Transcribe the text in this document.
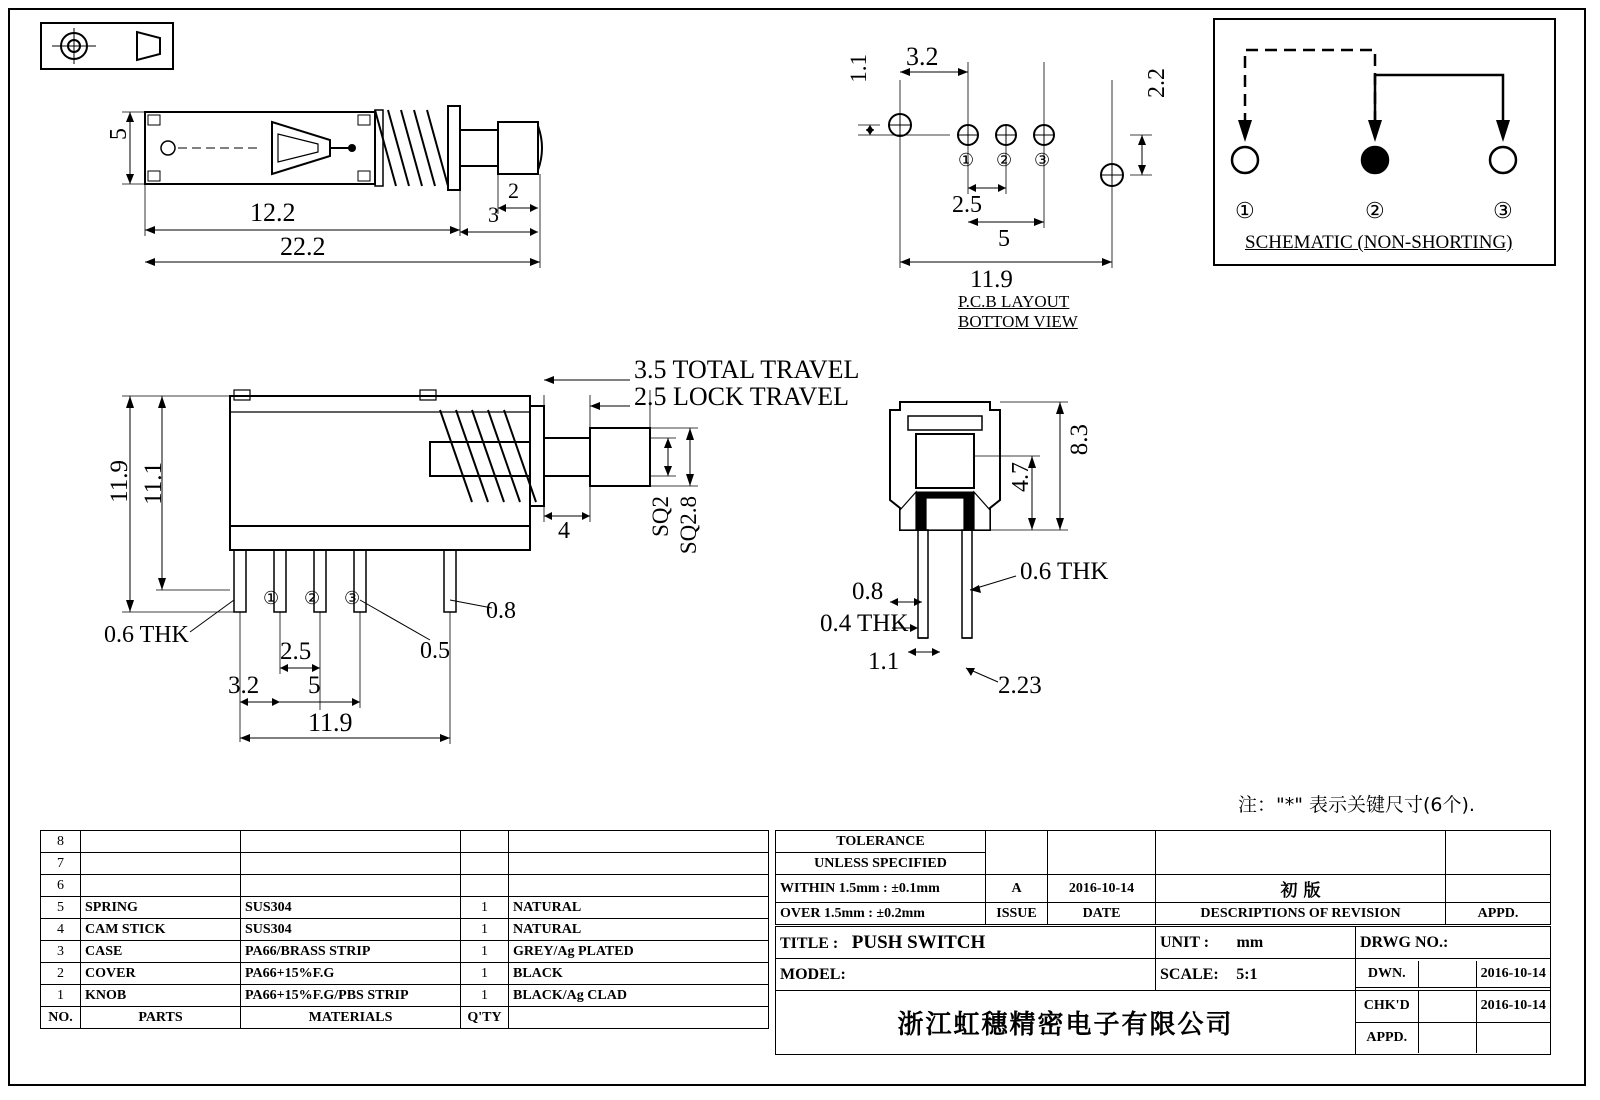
5
12.2
22.2
2
3
1.1 3.2
2.2
① ② ③
2.5
5
11.9
P.C.B LAYOUT
BOTTOM VIEW
①	②	③
SCHEMATIC (NON-SHORTING)
3.5 TOTAL TRAVEL
2.5 LOCK TRAVEL
11.9 11.1
0.6 THK
① ② ③	0.8
0.5
2.5
3.2 5
11.9
4	SQ2 SQ2.8
8.3
4.7
0.6 THK
0.8
0.4 THK
1.1
2.23
注："*" 表示关键尺寸(6个).
8				
7				
6				
5	SPRING	SUS304	1	NATURAL
4	CAM STICK	SUS304	1	NATURAL
3	CASE	PA66/BRASS STRIP	1	GREY/Ag PLATED
2	COVER	PA66+15%F.G	1	BLACK
1	KNOB	PA66+15%F.G/PBS STRIP	1	BLACK/Ag CLAD
NO.	PARTS	MATERIALS	Q'TY	
TOLERANCE				
UNLESS SPECIFIED				
WITHIN 1.5mm : ±0.1mm	A	2016-10-14	初 版	
OVER 1.5mm : ±0.2mm	ISSUE	DATE	DESCRIPTIONS OF REVISION	APPD.
TITLE : PUSH SWITCH	UNIT : mm	DRWG NO.:
MODEL:	SCALE: 5:1		DWN.		2016-10-14
浙江虹穗精密电子有限公司	
CHK'D		2016-10-14
APPD.		
